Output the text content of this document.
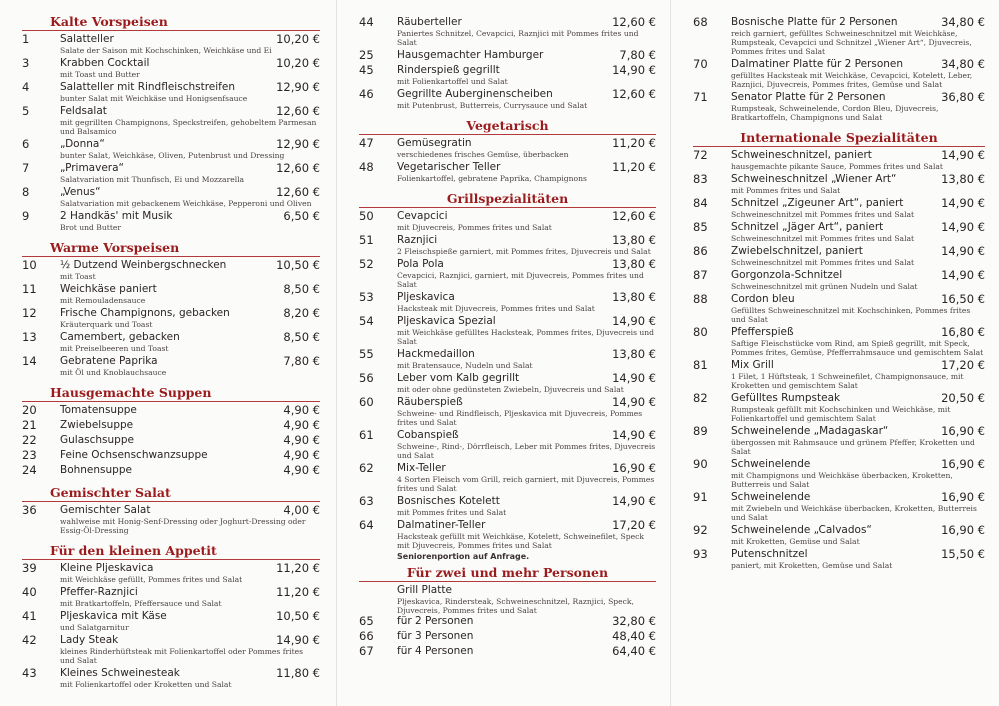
Kalte Vorspeisen
1	Salatteller	10,20 €
Salate der Saison mit Kochschinken, Weichkäse und Ei
3	Krabben Cocktail	10,20 €
mit Toast und Butter
4	Salatteller mit Rindfleischstreifen	12,90 €
bunter Salat mit Weichkäse und Honigsenfsauce
5	Feldsalat	12,60 €
mit gegrillten Champignons, Speckstreifen, gehobeltem Parmesan und Balsamico
6	„Donna“	12,90 €
bunter Salat, Weichkäse, Oliven, Putenbrust und Dressing
7	„Primavera“	12,60 €
Salatvariation mit Thunfisch, Ei und Mozzarella
8	„Venus“	12,60 €
Salatvariation mit gebackenem Weichkäse, Pepperoni und Oliven
9	2 Handkäs' mit Musik	6,50 €
Brot und Butter
Warme Vorspeisen
10	½ Dutzend Weinbergschnecken	10,50 €
mit Toast
11	Weichkäse paniert	8,50 €
mit Remouladensauce
12	Frische Champignons, gebacken	8,20 €
Kräuterquark und Toast
13	Camembert, gebacken	8,50 €
mit Preiselbeeren und Toast
14	Gebratene Paprika	7,80 €
mit Öl und Knoblauchsauce
Hausgemachte Suppen
20	Tomatensuppe	4,90 €
21	Zwiebelsuppe	4,90 €
22	Gulaschsuppe	4,90 €
23	Feine Ochsenschwanzsuppe	4,90 €
24	Bohnensuppe	4,90 €
Gemischter Salat
36	Gemischter Salat	4,00 €
wahlweise mit Honig-Senf-Dressing oder Joghurt-Dressing oder Essig-Öl-Dressing
Für den kleinen Appetit
39	Kleine Pljeskavica	11,20 €
mit Weichkäse gefüllt, Pommes frites und Salat
40	Pfeffer-Raznjici	11,20 €
mit Bratkartoffeln, Pfeffersauce und Salat
41	Pljeskavica mit Käse	10,50 €
und Salatgarnitur
42	Lady Steak	14,90 €
kleines Rinderhüftsteak mit Folienkartoffel oder Pommes frites und Salat
43	Kleines Schweinesteak	11,80 €
mit Folienkartoffel oder Kroketten und Salat
44	Räuberteller	12,60 €
Paniertes Schnitzel, Cevapcici, Raznjici mit Pommes frites und Salat
25	Hausgemachter Hamburger	7,80 €
45	Rinderspieß gegrillt	14,90 €
mit Folienkartoffel und Salat
46	Gegrillte Auberginenscheiben	12,60 €
mit Putenbrust, Butterreis, Currysauce und Salat
Vegetarisch
47	Gemüsegratin	11,20 €
verschiedenes frisches Gemüse, überbacken
48	Vegetarischer Teller	11,20 €
Folienkartoffel, gebratene Paprika, Champignons
Grillspezialitäten
50	Cevapcici	12,60 €
mit Djuvecreis, Pommes frites und Salat
51	Raznjici	13,80 €
2 Fleischspieße garniert, mit Pommes frites, Djuvecreis und Salat
52	Pola Pola	13,80 €
Cevapcici, Raznjici, garniert, mit Djuvecreis, Pommes frites und Salat
53	Pljeskavica	13,80 €
Hacksteak mit Djuvecreis, Pommes frites und Salat
54	Pljeskavica Spezial	14,90 €
mit Weichkäse gefülltes Hacksteak, Pommes frites, Djuvecreis und Salat
55	Hackmedaillon	13,80 €
mit Bratensauce, Nudeln und Salat
56	Leber vom Kalb gegrillt	14,90 €
mit oder ohne gedünsteten Zwiebeln, Djuvecreis und Salat
60	Räuberspieß	14,90 €
Schweine- und Rindfleisch, Pljeskavica mit Djuvecreis, Pommes frites und Salat
61	Cobanspieß	14,90 €
Schweine-, Rind-, Dörrfleisch, Leber mit Pommes frites, Djuvecreis und Salat
62	Mix-Teller	16,90 €
4 Sorten Fleisch vom Grill, reich garniert, mit Djuvecreis, Pommes frites und Salat
63	Bosnisches Kotelett	14,90 €
mit Pommes frites und Salat
64	Dalmatiner-Teller	17,20 €
Hacksteak gefüllt mit Weichkäse, Kotelett, Schweinefilet, Speck mit Djuvecreis, Pommes frites und Salat
Seniorenportion auf Anfrage.
Für zwei und mehr Personen
Grill Platte
Pljeskavica, Rindersteak, Schweineschnitzel, Raznjici, Speck, Djuvecreis, Pommes frites und Salat
65	für 2 Personen	32,80 €
66	für 3 Personen	48,40 €
67	für 4 Personen	64,40 €
68	Bosnische Platte für 2 Personen	34,80 €
reich garniert, gefülltes Schweineschnitzel mit Weichkäse, Rumpsteak, Cevapcici und Schnitzel „Wiener Art“, Djuvecreis, Pommes frites und Salat
70	Dalmatiner Platte für 2 Personen	34,80 €
gefülltes Hacksteak mit Weichkäse, Cevapcici, Kotelett, Leber, Raznjici, Djuvecreis, Pommes frites, Gemüse und Salat
71	Senator Platte für 2 Personen	36,80 €
Rumpsteak, Schweinelende, Cordon Bleu, Djuvecreis, Bratkartoffeln, Champignons und Salat
Internationale Spezialitäten
72	Schweineschnitzel, paniert	14,90 €
hausgemachte pikante Sauce, Pommes frites und Salat
83	Schweineschnitzel „Wiener Art“	13,80 €
mit Pommes frites und Salat
84	Schnitzel „Zigeuner Art“, paniert	14,90 €
Schweineschnitzel mit Pommes frites und Salat
85	Schnitzel „Jäger Art“, paniert	14,90 €
Schweineschnitzel mit Pommes frites und Salat
86	Zwiebelschnitzel, paniert	14,90 €
Schweineschnitzel mit Pommes frites und Salat
87	Gorgonzola-Schnitzel	14,90 €
Schweineschnitzel mit grünen Nudeln und Salat
88	Cordon bleu	16,50 €
Gefülltes Schweineschnitzel mit Kochschinken, Pommes frites und Salat
80	Pfefferspieß	16,80 €
Saftige Fleischstücke vom Rind, am Spieß gegrillt, mit Speck, Pommes frites, Gemüse, Pfefferrahmsauce und gemischtem Salat
81	Mix Grill	17,20 €
1 Filet, 1 Hüftsteak, 1 Schweinefilet, Champignonsauce, mit Kroketten und gemischtem Salat
82	Gefülltes Rumpsteak	20,50 €
Rumpsteak gefüllt mit Kochschinken und Weichkäse, mit Folienkartoffel und gemischtem Salat
89	Schweinelende „Madagaskar“	16,90 €
übergossen mit Rahmsauce und grünem Pfeffer, Kroketten und Salat
90	Schweinelende	16,90 €
mit Champignons und Weichkäse überbacken, Kroketten, Butterreis und Salat
91	Schweinelende	16,90 €
mit Zwiebeln und Weichkäse überbacken, Kroketten, Butterreis und Salat
92	Schweinelende „Calvados“	16,90 €
mit Kroketten, Gemüse und Salat
93	Putenschnitzel	15,50 €
paniert, mit Kroketten, Gemüse und Salat
